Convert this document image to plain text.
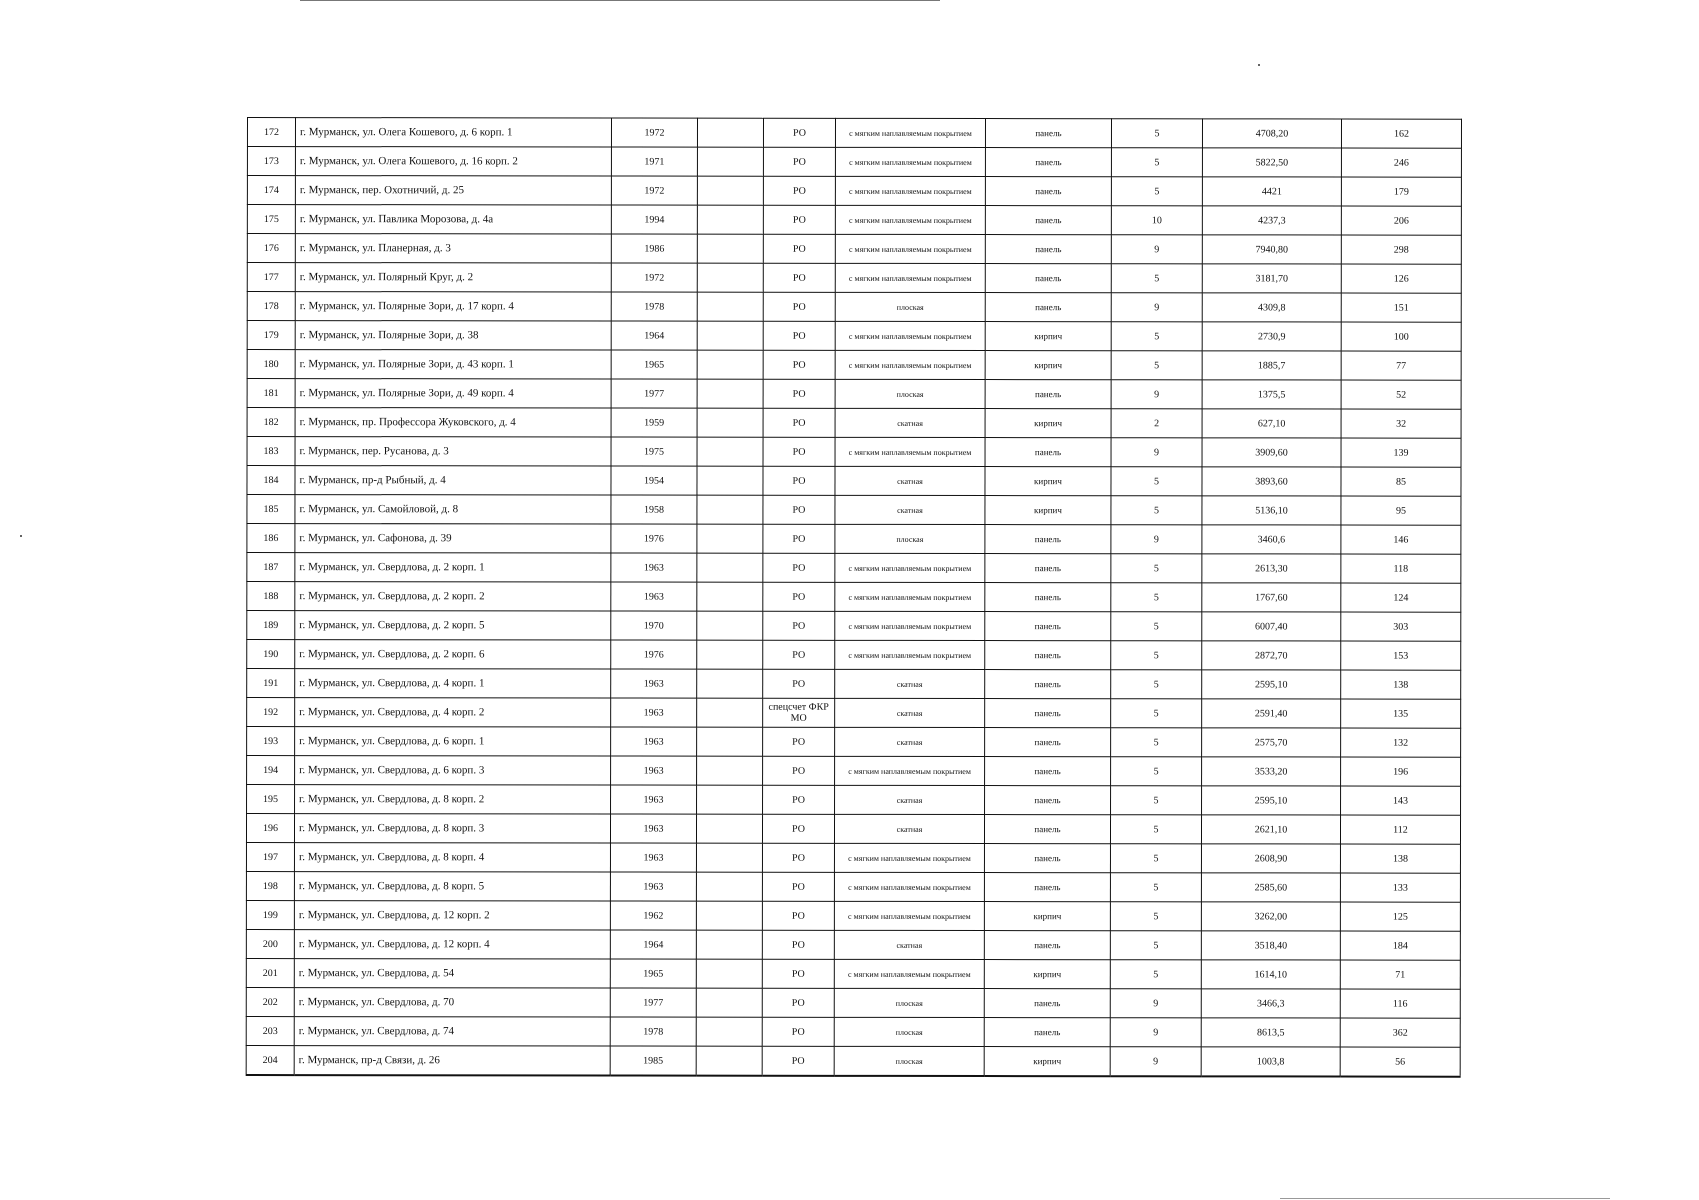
172	г. Мурманск, ул. Олега Кошевого, д. 6 корп. 1	1972		РО	с мягким наплавляемым покрытием	панель	5	4708,20	162
173	г. Мурманск, ул. Олега Кошевого, д. 16 корп. 2	1971		РО	с мягким наплавляемым покрытием	панель	5	5822,50	246
174	г. Мурманск, пер. Охотничий, д. 25	1972		РО	с мягким наплавляемым покрытием	панель	5	4421	179
175	г. Мурманск, ул. Павлика Морозова, д. 4а	1994		РО	с мягким наплавляемым покрытием	панель	10	4237,3	206
176	г. Мурманск, ул. Планерная, д. 3	1986		РО	с мягким наплавляемым покрытием	панель	9	7940,80	298
177	г. Мурманск, ул. Полярный Круг, д. 2	1972		РО	с мягким наплавляемым покрытием	панель	5	3181,70	126
178	г. Мурманск, ул. Полярные Зори, д. 17 корп. 4	1978		РО	плоская	панель	9	4309,8	151
179	г. Мурманск, ул. Полярные Зори, д. 38	1964		РО	с мягким наплавляемым покрытием	кирпич	5	2730,9	100
180	г. Мурманск, ул. Полярные Зори, д. 43 корп. 1	1965		РО	с мягким наплавляемым покрытием	кирпич	5	1885,7	77
181	г. Мурманск, ул. Полярные Зори, д. 49 корп. 4	1977		РО	плоская	панель	9	1375,5	52
182	г. Мурманск, пр. Профессора Жуковского, д. 4	1959		РО	скатная	кирпич	2	627,10	32
183	г. Мурманск, пер. Русанова, д. 3	1975		РО	с мягким наплавляемым покрытием	панель	9	3909,60	139
184	г. Мурманск, пр-д Рыбный, д. 4	1954		РО	скатная	кирпич	5	3893,60	85
185	г. Мурманск, ул. Самойловой, д. 8	1958		РО	скатная	кирпич	5	5136,10	95
186	г. Мурманск, ул. Сафонова, д. 39	1976		РО	плоская	панель	9	3460,6	146
187	г. Мурманск, ул. Свердлова, д. 2 корп. 1	1963		РО	с мягким наплавляемым покрытием	панель	5	2613,30	118
188	г. Мурманск, ул. Свердлова, д. 2 корп. 2	1963		РО	с мягким наплавляемым покрытием	панель	5	1767,60	124
189	г. Мурманск, ул. Свердлова, д. 2 корп. 5	1970		РО	с мягким наплавляемым покрытием	панель	5	6007,40	303
190	г. Мурманск, ул. Свердлова, д. 2 корп. 6	1976		РО	с мягким наплавляемым покрытием	панель	5	2872,70	153
191	г. Мурманск, ул. Свердлова, д. 4 корп. 1	1963		РО	скатная	панель	5	2595,10	138
192	г. Мурманск, ул. Свердлова, д. 4 корп. 2	1963		спецсчет ФКР МО	скатная	панель	5	2591,40	135
193	г. Мурманск, ул. Свердлова, д. 6 корп. 1	1963		РО	скатная	панель	5	2575,70	132
194	г. Мурманск, ул. Свердлова, д. 6 корп. 3	1963		РО	с мягким наплавляемым покрытием	панель	5	3533,20	196
195	г. Мурманск, ул. Свердлова, д. 8 корп. 2	1963		РО	скатная	панель	5	2595,10	143
196	г. Мурманск, ул. Свердлова, д. 8 корп. 3	1963		РО	скатная	панель	5	2621,10	112
197	г. Мурманск, ул. Свердлова, д. 8 корп. 4	1963		РО	с мягким наплавляемым покрытием	панель	5	2608,90	138
198	г. Мурманск, ул. Свердлова, д. 8 корп. 5	1963		РО	с мягким наплавляемым покрытием	панель	5	2585,60	133
199	г. Мурманск, ул. Свердлова, д. 12 корп. 2	1962		РО	с мягким наплавляемым покрытием	кирпич	5	3262,00	125
200	г. Мурманск, ул. Свердлова, д. 12 корп. 4	1964		РО	скатная	панель	5	3518,40	184
201	г. Мурманск, ул. Свердлова, д. 54	1965		РО	с мягким наплавляемым покрытием	кирпич	5	1614,10	71
202	г. Мурманск, ул. Свердлова, д. 70	1977		РО	плоская	панель	9	3466,3	116
203	г. Мурманск, ул. Свердлова, д. 74	1978		РО	плоская	панель	9	8613,5	362
204	г. Мурманск, пр-д Связи, д. 26	1985		РО	плоская	кирпич	9	1003,8	56
